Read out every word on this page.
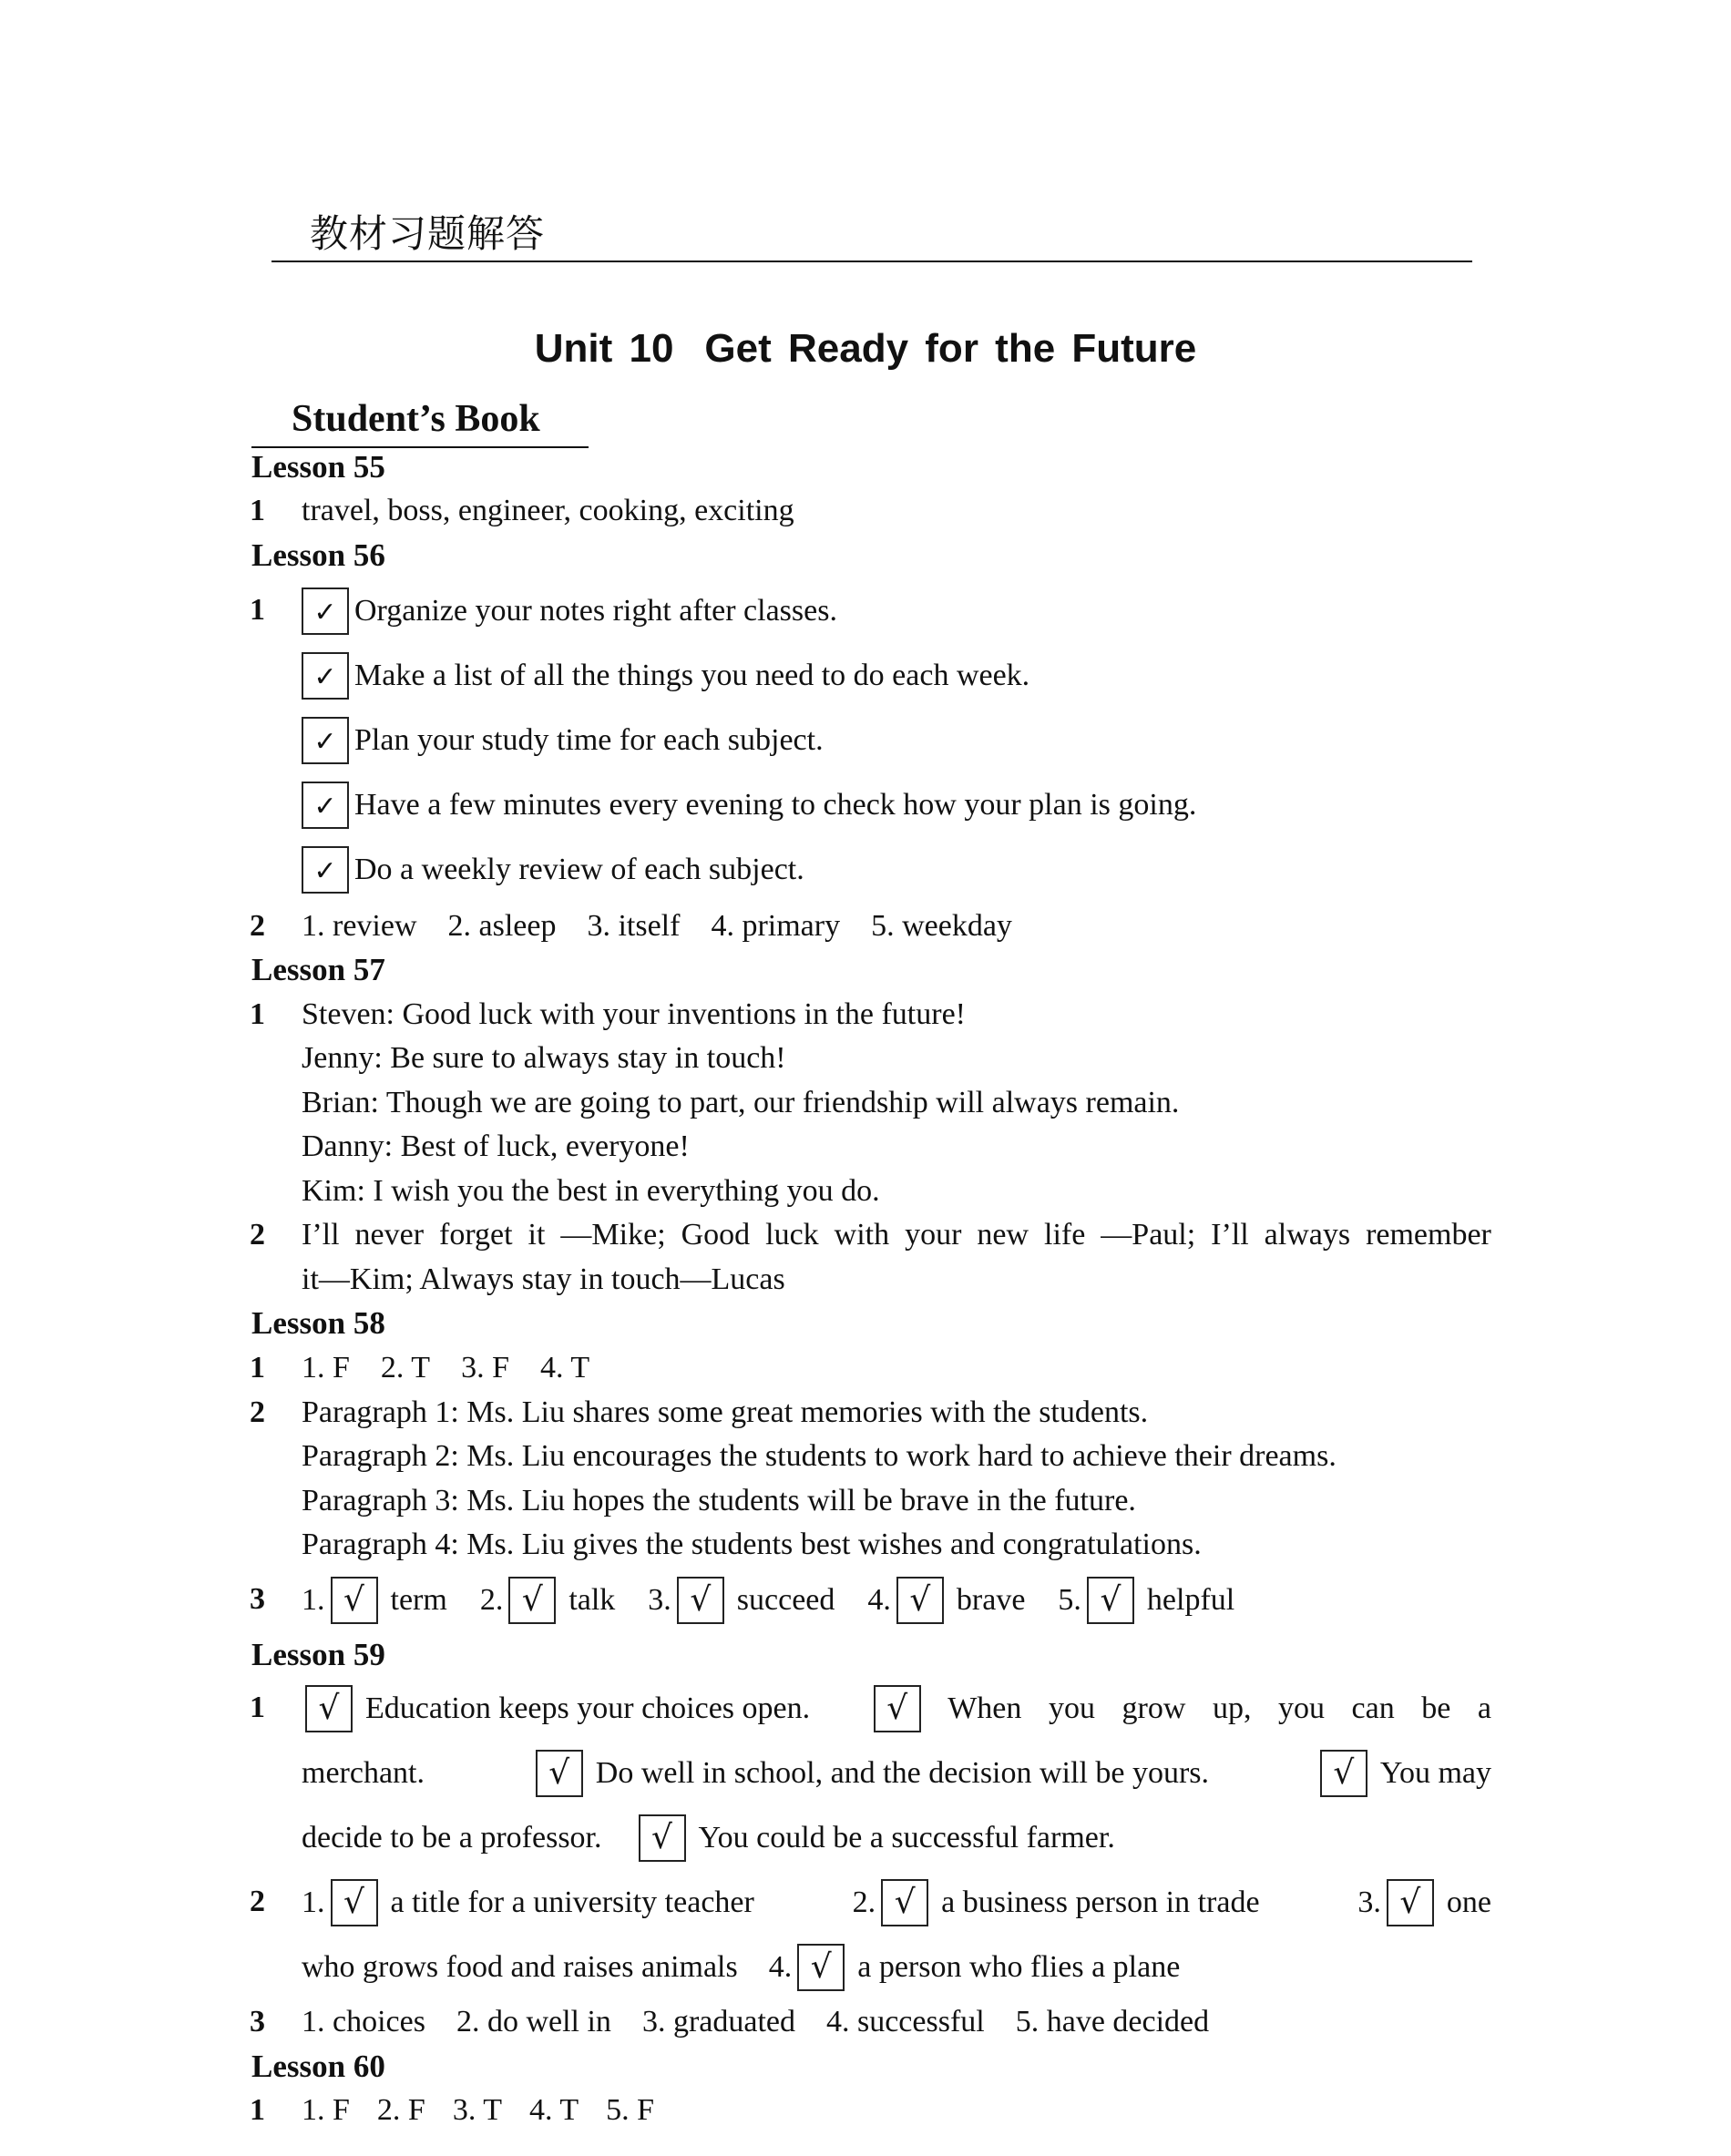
教材习题解答
Unit 10 Get Ready for the Future
Student’s Book
Lesson 55
1 travel, boss, engineer, cooking, exciting
Lesson 56
1	✓ Organize your notes right after classes.
✓ Make a list of all the things you need to do each week.
✓ Plan your study time for each subject.
✓ Have a few minutes every evening to check how your plan is going.
✓ Do a weekly review of each subject.
2 1. review 2. asleep 3. itself 4. primary 5. weekday
Lesson 57
1 Steven: Good luck with your inventions in the future!
Jenny: Be sure to always stay in touch!
Brian: Though we are going to part, our friendship will always remain.
Danny: Best of luck, everyone!
Kim: I wish you the best in everything you do.
2 I’ll never forget it —Mike; Good luck with your new life —Paul; I’ll always remember
it—Kim; Always stay in touch—Lucas
Lesson 58
1 1. F 2. T 3. F 4. T
2 Paragraph 1: Ms. Liu shares some great memories with the students.
Paragraph 2: Ms. Liu encourages the students to work hard to achieve their dreams.
Paragraph 3: Ms. Liu hopes the students will be brave in the future.
Paragraph 4: Ms. Liu gives the students best wishes and congratulations.
3 1. √ term 2. √ talk 3. √ succeed 4. √ brave 5. √ helpful
Lesson 59
1	√ Education keeps your choices open.	√	When you grow up, you can be a
merchant.	√ Do well in school, and the decision will be yours.	√ You may
decide to be a professor.	√ You could be a successful farmer.
2 1. √ a title for a university teacher	2. √ a business person in trade	3. √ one
who grows food and raises animals 4. √ a person who flies a plane
3 1. choices 2. do well in 3. graduated 4. successful 5. have decided
Lesson 60
1 1. F 2. F 3. T 4. T 5. F
